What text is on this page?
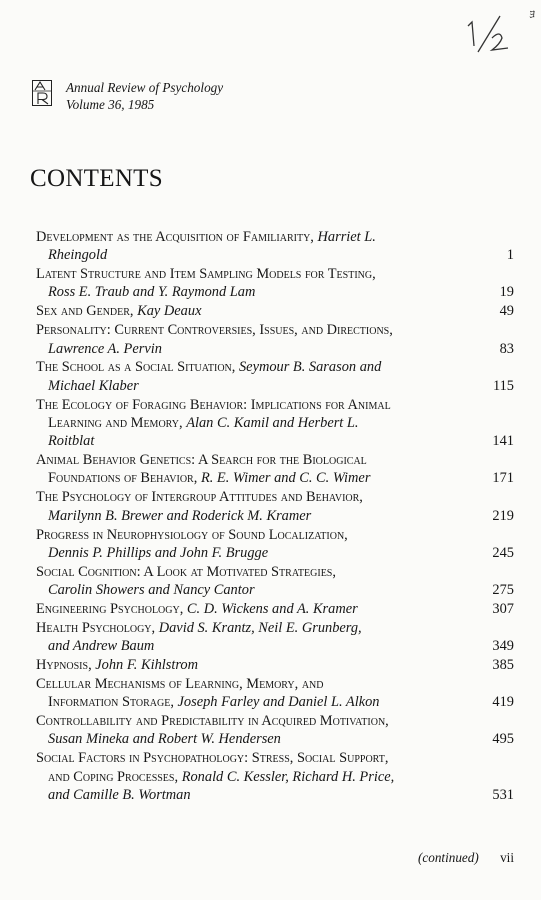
ﾖ
Annual Review of Psychology
Volume 36, 1985
CONTENTS
Development as the Acquisition of Familiarity, Harriet L.
Rheingold	1
Latent Structure and Item Sampling Models for Testing,
Ross E. Traub and Y. Raymond Lam	19
Sex and Gender, Kay Deaux	49
Personality: Current Controversies, Issues, and Directions,
Lawrence A. Pervin	83
The School as a Social Situation, Seymour B. Sarason and
Michael Klaber	115
The Ecology of Foraging Behavior: Implications for Animal
Learning and Memory, Alan C. Kamil and Herbert L.
Roitblat	141
Animal Behavior Genetics: A Search for the Biological
Foundations of Behavior, R. E. Wimer and C. C. Wimer	171
The Psychology of Intergroup Attitudes and Behavior,
Marilynn B. Brewer and Roderick M. Kramer	219
Progress in Neurophysiology of Sound Localization,
Dennis P. Phillips and John F. Brugge	245
Social Cognition: A Look at Motivated Strategies,
Carolin Showers and Nancy Cantor	275
Engineering Psychology, C. D. Wickens and A. Kramer	307
Health Psychology, David S. Krantz, Neil E. Grunberg,
and Andrew Baum	349
Hypnosis, John F. Kihlstrom	385
Cellular Mechanisms of Learning, Memory, and
Information Storage, Joseph Farley and Daniel L. Alkon	419
Controllability and Predictability in Acquired Motivation,
Susan Mineka and Robert W. Hendersen	495
Social Factors in Psychopathology: Stress, Social Support,
and Coping Processes, Ronald C. Kessler, Richard H. Price,
and Camille B. Wortman	531
(continued) vii
